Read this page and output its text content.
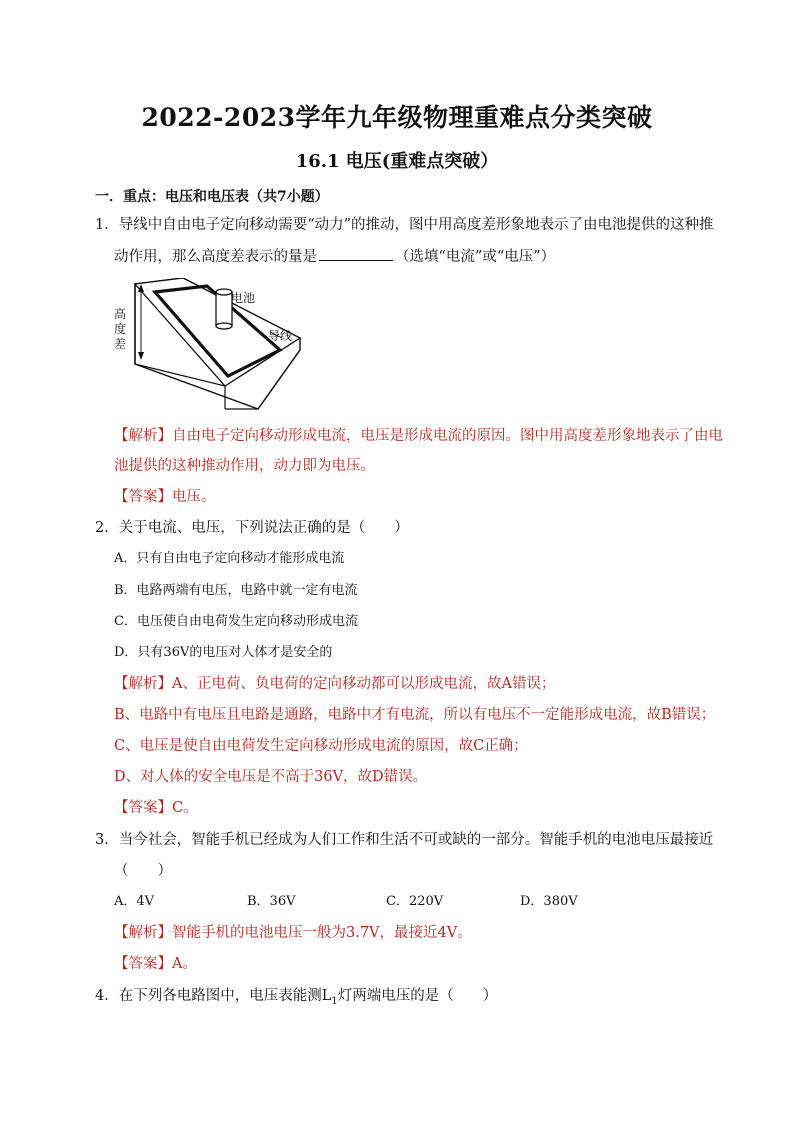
2022-2023学年九年级物理重难点分类突破
16.1 电压(重难点突破）
一．重点：电压和电压表（共7小题）
1．导线中自由电子定向移动需要“动力”的推动，图中用高度差形象地表示了由电池提供的这种推
动作用，那么高度差表示的量是	（选填“电流”或“电压”）
电池
导线
高
度
差
【解析】自由电子定向移动形成电流，电压是形成电流的原因。图中用高度差形象地表示了由电
池提供的这种推动作用，动力即为电压。
【答案】电压。
2．关于电流、电压，下列说法正确的是（　　）
A．只有自由电子定向移动才能形成电流
B．电路两端有电压，电路中就一定有电流
C．电压使自由电荷发生定向移动形成电流
D．只有36V的电压对人体才是安全的
【解析】A、正电荷、负电荷的定向移动都可以形成电流，故A错误；
B、电路中有电压且电路是通路，电路中才有电流，所以有电压不一定能形成电流，故B错误；
C、电压是使自由电荷发生定向移动形成电流的原因，故C正确；
D、对人体的安全电压是不高于36V，故D错误。
【答案】C。
3．当今社会，智能手机已经成为人们工作和生活不可或缺的一部分。智能手机的电池电压最接近
（　　）
A．4V	B．36V	C．220V	D．380V
【解析】智能手机的电池电压一般为3.7V，最接近4V。
【答案】A。
4．在下列各电路图中，电压表能测$L_1$灯两端电压的是（　　）
